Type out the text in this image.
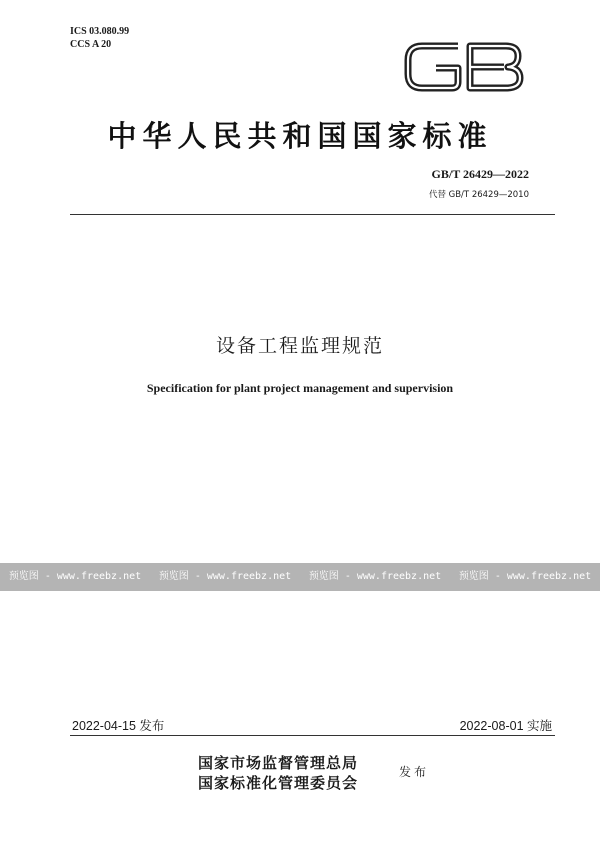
ICS 03.080.99
CCS A 20
中华人民共和国国家标准
GB/T 26429—2022
代替 GB/T 26429—2010
设备工程监理规范
Specification for plant project management and supervision
预览图 - www.freebz.net 预览图 - www.freebz.net 预览图 - www.freebz.net 预览图 - www.freebz.net
2022-04-15 发布	2022-08-01 实施
国家市场监督管理总局
国家标准化管理委员会
发布
